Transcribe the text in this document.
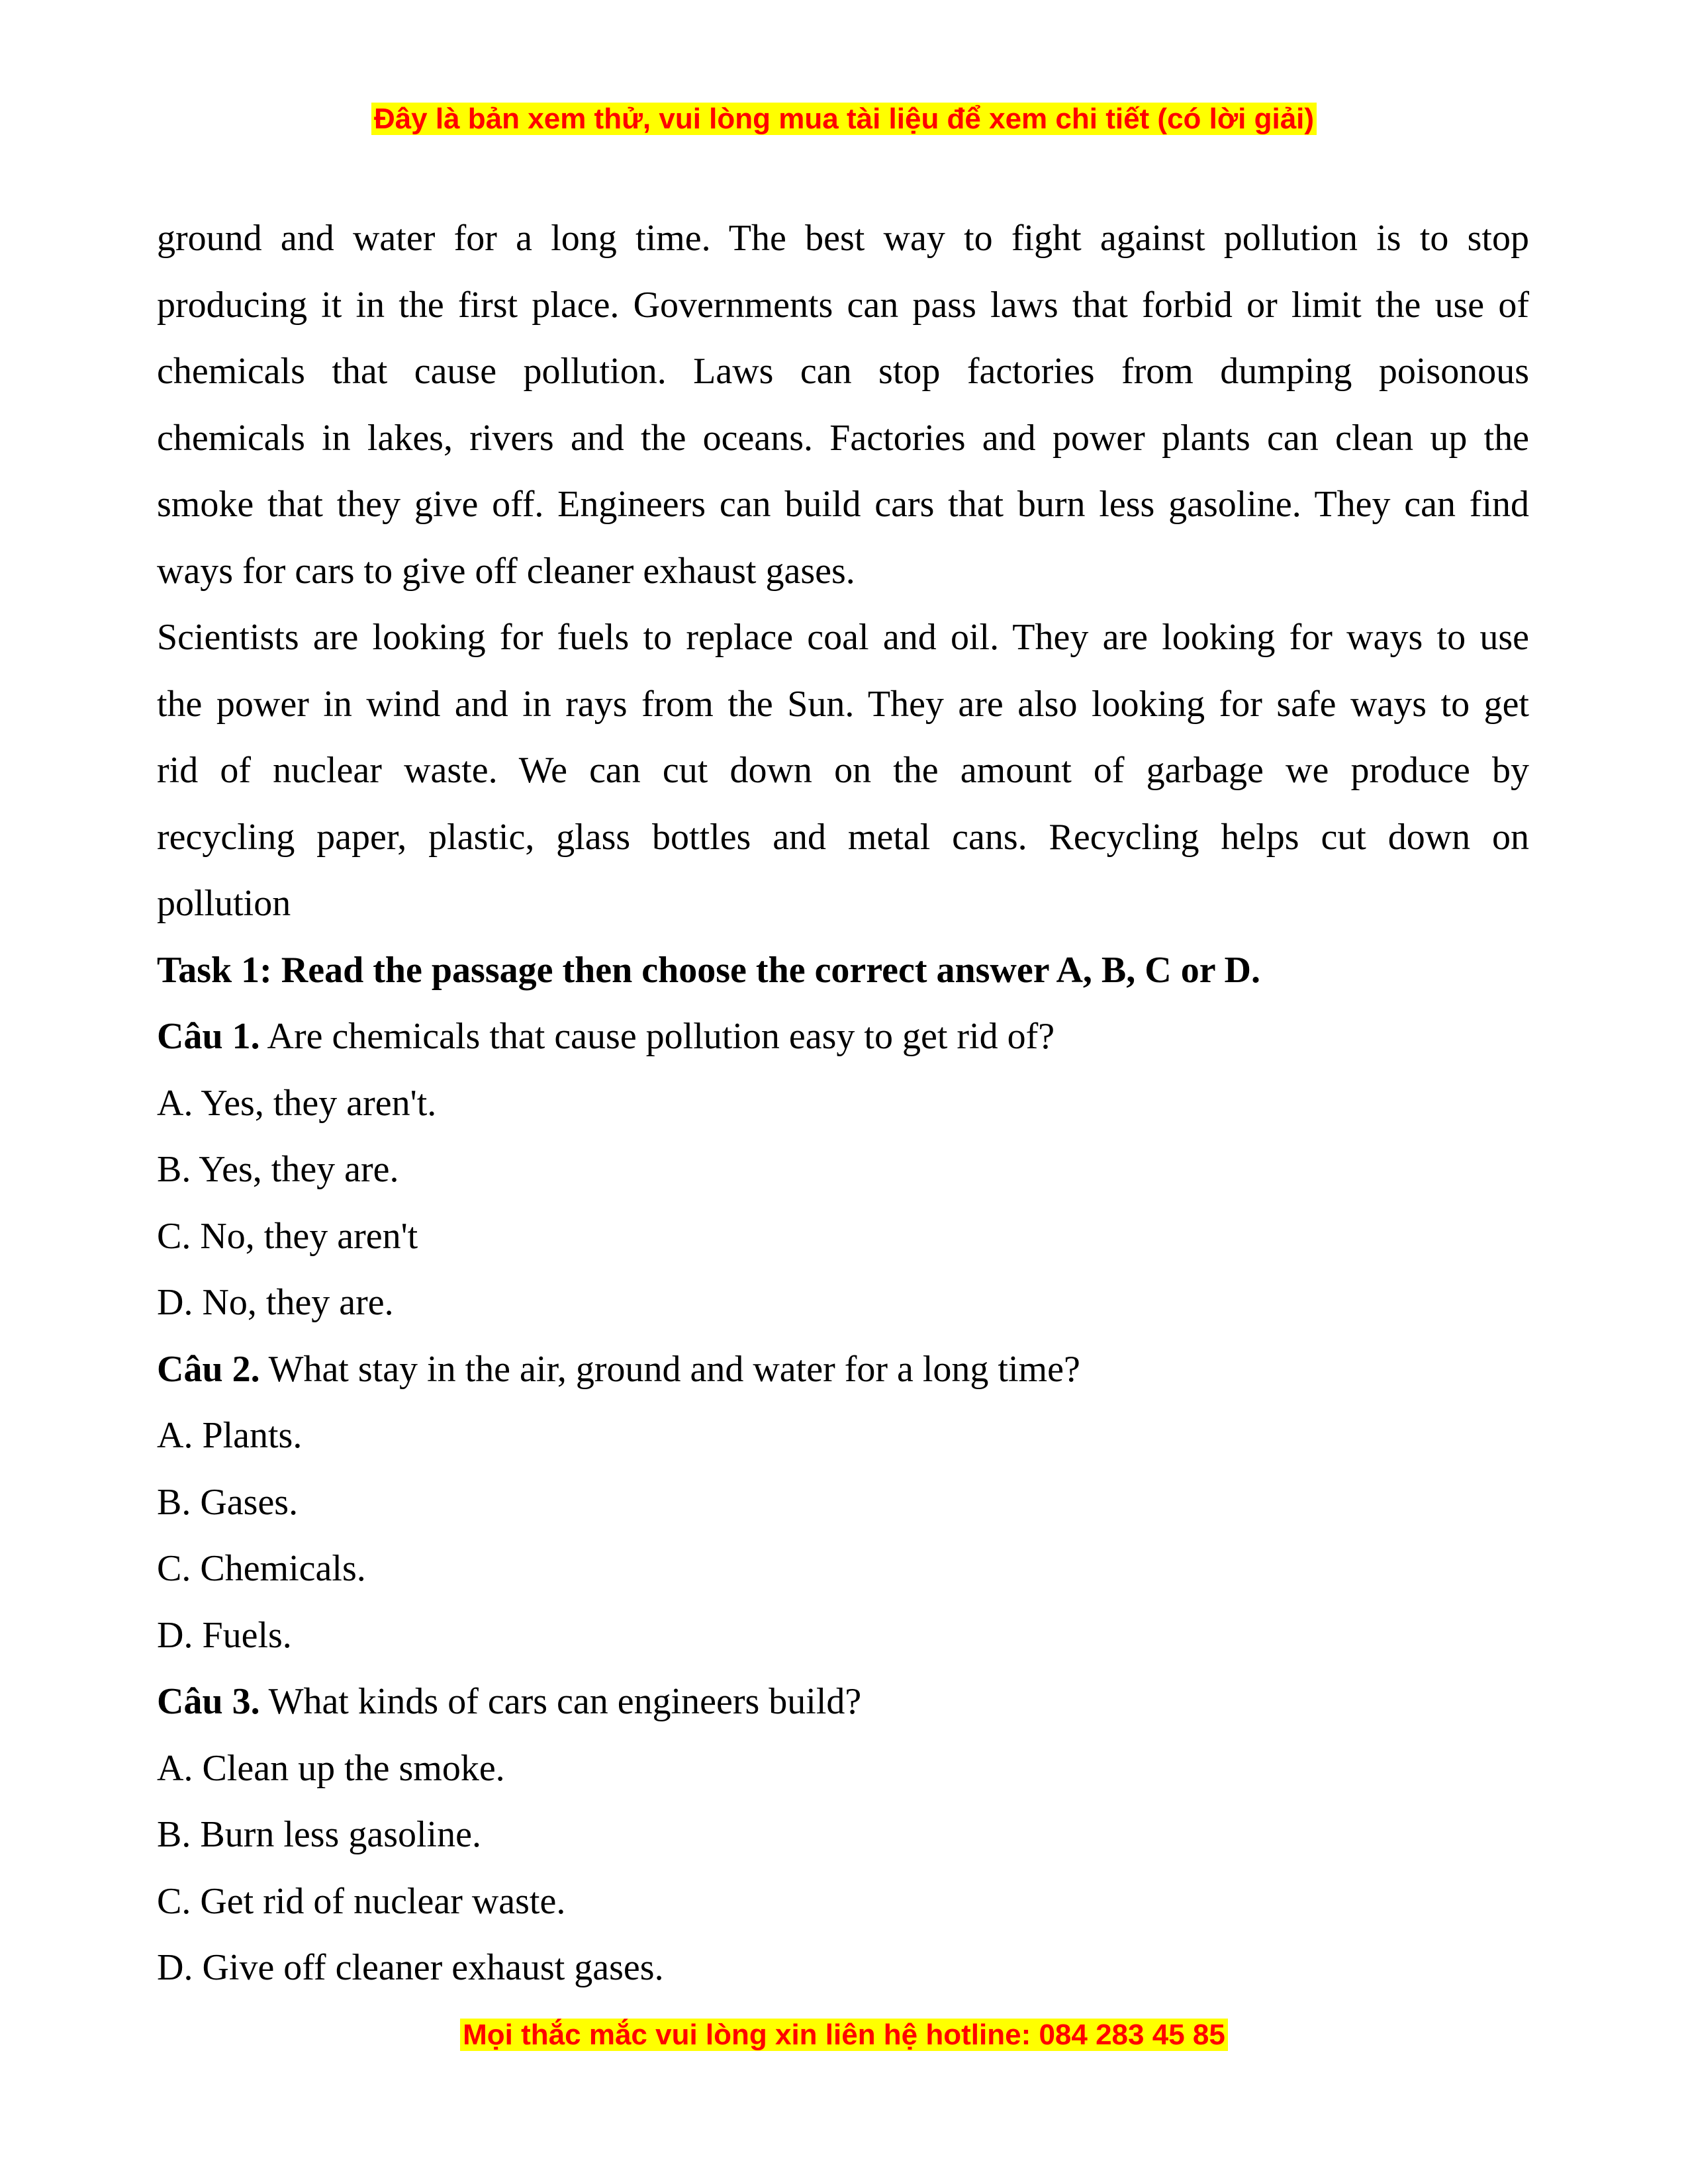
Đây là bản xem thử, vui lòng mua tài liệu để xem chi tiết (có lời giải)
ground and water for a long time. The best way to fight against pollution is to stop
producing it in the first place. Governments can pass laws that forbid or limit the use of
chemicals that cause pollution. Laws can stop factories from dumping poisonous
chemicals in lakes, rivers and the oceans. Factories and power plants can clean up the
smoke that they give off. Engineers can build cars that burn less gasoline. They can find
ways for cars to give off cleaner exhaust gases.
Scientists are looking for fuels to replace coal and oil. They are looking for ways to use
the power in wind and in rays from the Sun. They are also looking for safe ways to get
rid of nuclear waste. We can cut down on the amount of garbage we produce by
recycling paper, plastic, glass bottles and metal cans. Recycling helps cut down on
pollution
Task 1: Read the passage then choose the correct answer A, B, C or D.
Câu 1. Are chemicals that cause pollution easy to get rid of?
A. Yes, they aren't.
B. Yes, they are.
C. No, they aren't
D. No, they are.
Câu 2. What stay in the air, ground and water for a long time?
A. Plants.
B. Gases.
C. Chemicals.
D. Fuels.
Câu 3. What kinds of cars can engineers build?
A. Clean up the smoke.
B. Burn less gasoline.
C. Get rid of nuclear waste.
D. Give off cleaner exhaust gases.
Mọi thắc mắc vui lòng xin liên hệ hotline: 084 283 45 85
